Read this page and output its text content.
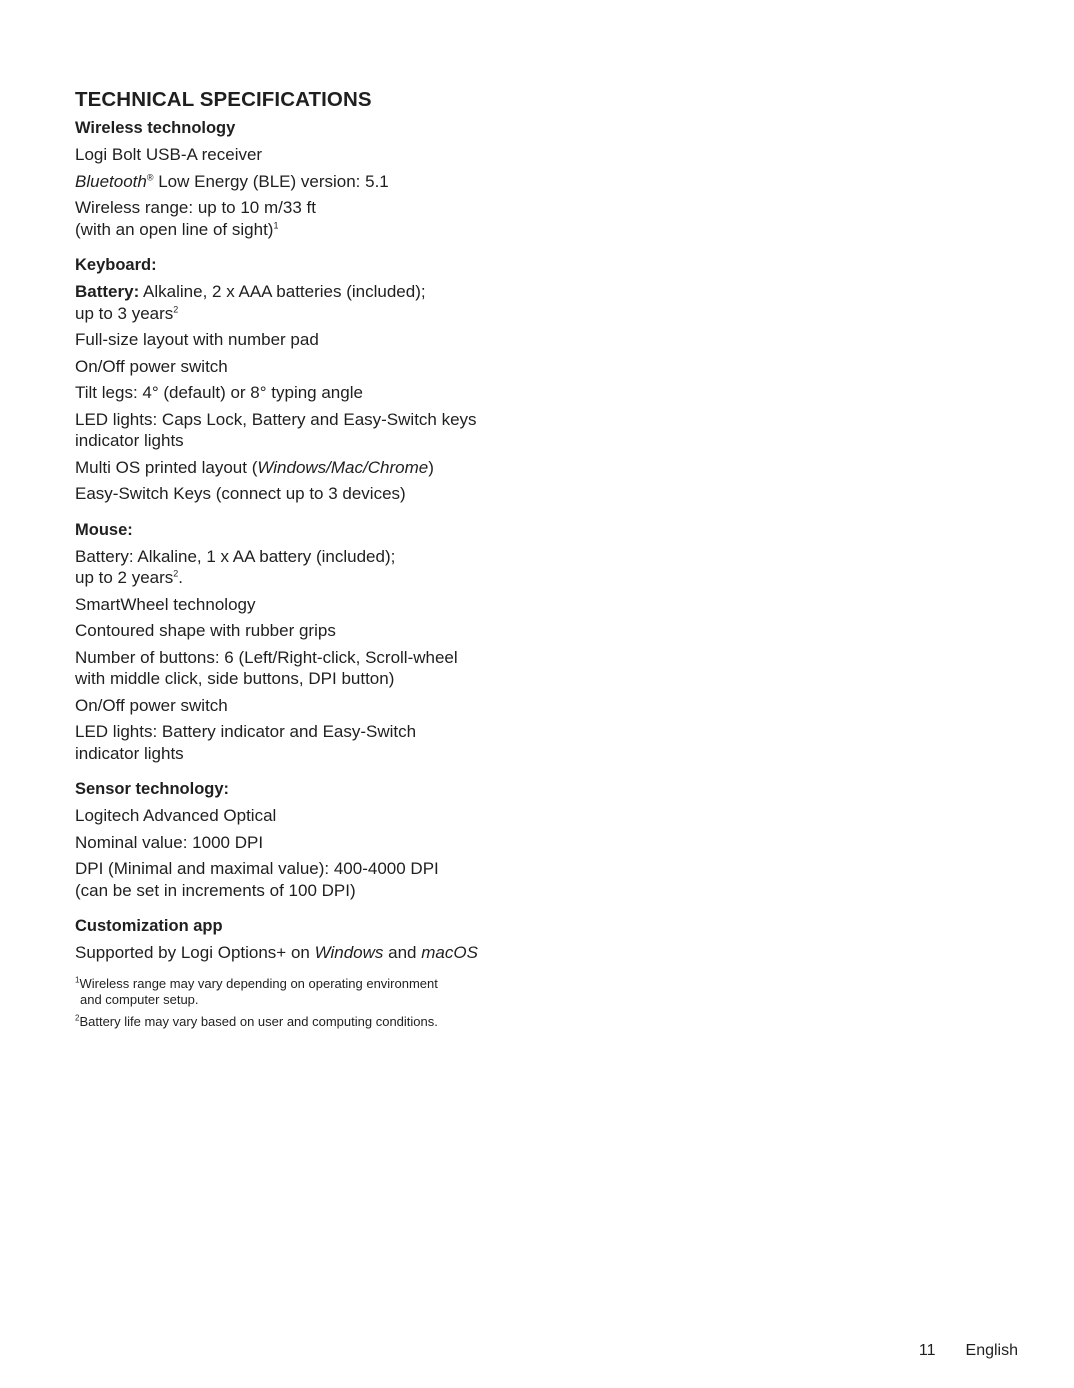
TECHNICAL SPECIFICATIONS
Wireless technology
Logi Bolt USB-A receiver
Bluetooth® Low Energy (BLE) version: 5.1
Wireless range: up to 10 m/33 ft
(with an open line of sight)$^1$
Keyboard:
Battery: Alkaline, 2 x AAA batteries (included);
up to 3 years$^2$
Full-size layout with number pad
On/Off power switch
Tilt legs: 4° (default) or 8° typing angle
LED lights: Caps Lock, Battery and Easy-Switch keys
indicator lights
Multi OS printed layout (Windows/Mac/Chrome)
Easy-Switch Keys (connect up to 3 devices)
Mouse:
Battery: Alkaline, 1 x AA battery (included);
up to 2 years$^2$.
SmartWheel technology
Contoured shape with rubber grips
Number of buttons: 6 (Left/Right-click, Scroll-wheel
with middle click, side buttons, DPI button)
On/Off power switch
LED lights: Battery indicator and Easy-Switch
indicator lights
Sensor technology:
Logitech Advanced Optical
Nominal value: 1000 DPI
DPI (Minimal and maximal value): 400-4000 DPI
(can be set in increments of 100 DPI)
Customization app
Supported by Logi Options+ on Windows and macOS
$^1$Wireless range may vary depending on operating environment
and computer setup.
$^2$Battery life may vary based on user and computing conditions.
11 English
